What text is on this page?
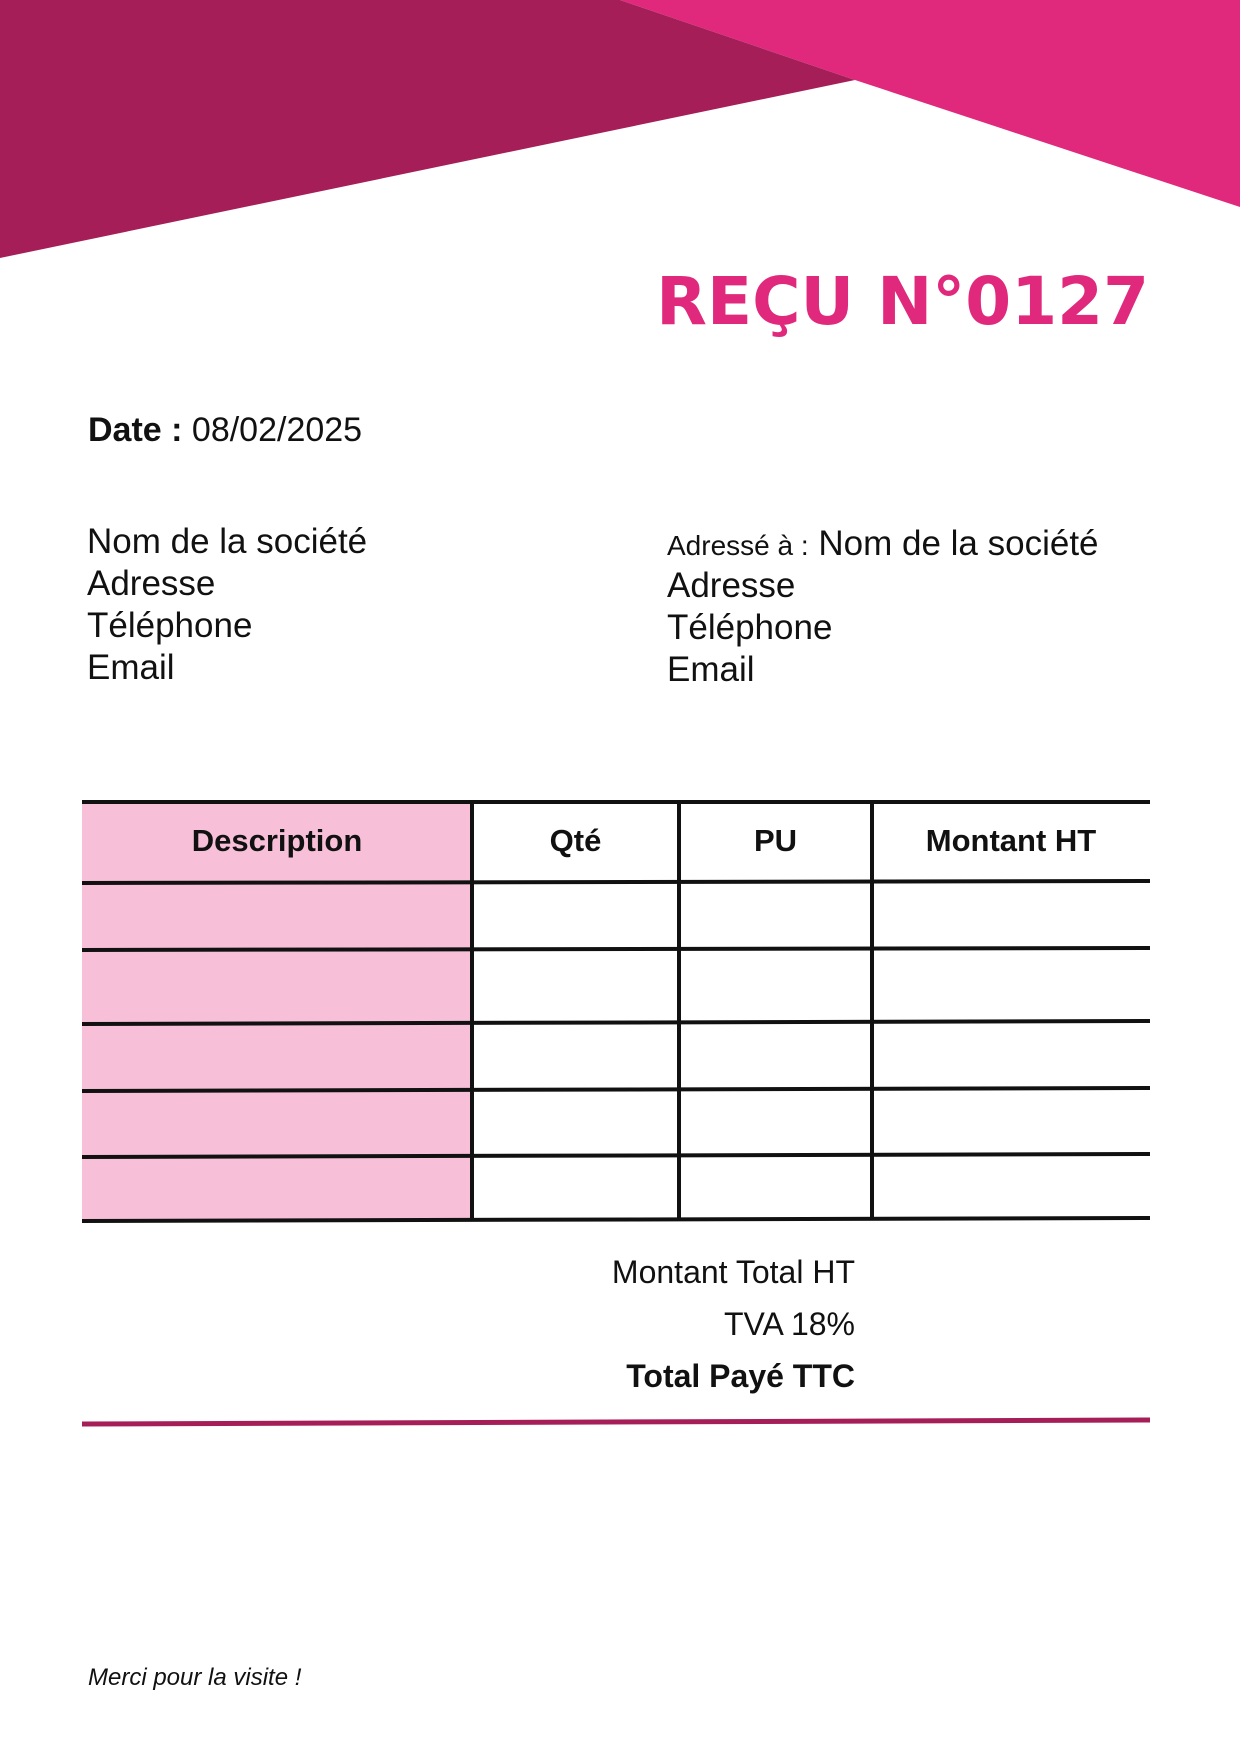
REÇU N°0127
Date : 08/02/2025
Nom de la société
Adresse
Téléphone
Email
Adressé à : Nom de la société
Adresse
Téléphone
Email
Description	Qté	PU	Montant HT
Montant Total HT
TVA 18%
Total Payé TTC
Merci pour la visite !
